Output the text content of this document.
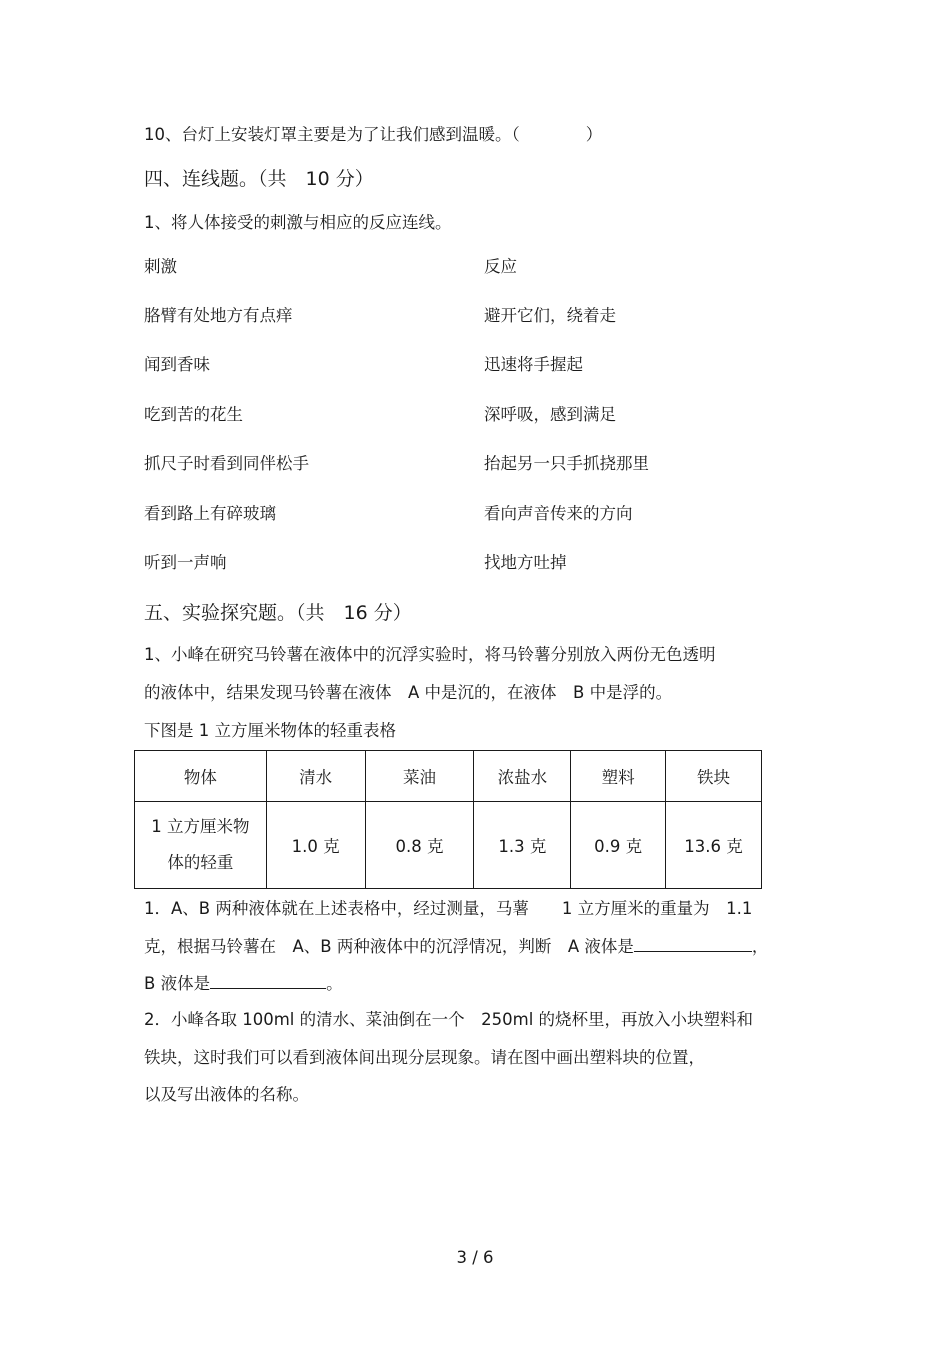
10、台灯上安装灯罩主要是为了让我们感到温暖。（　　　　）
四、连线题。（共　10 分）
1、将人体接受的刺激与相应的反应连线。
刺激	反应
胳臂有处地方有点痒	避开它们，绕着走
闻到香味	迅速将手握起
吃到苦的花生	深呼吸，感到满足
抓尺子时看到同伴松手	抬起另一只手抓挠那里
看到路上有碎玻璃	看向声音传来的方向
听到一声响	找地方吐掉
五、实验探究题。（共　16 分）
1、小峰在研究马铃薯在液体中的沉浮实验时，将马铃薯分别放入两份无色透明
的液体中，结果发现马铃薯在液体　A 中是沉的，在液体　B 中是浮的。
下图是 1 立方厘米物体的轻重表格
物体	清水	菜油	浓盐水	塑料	铁块

1 立方厘米物
体的轻重	1.0 克	0.8 克	1.3 克	0.9 克	13.6 克
1．A、B 两种液体就在上述表格中，经过测量，马薯　　1 立方厘米的重量为　1.1
克，根据马铃薯在　A、B 两种液体中的沉浮情况，判断　A 液体是	，
B 液体是	。
2．小峰各取 100ml 的清水、菜油倒在一个　250ml 的烧杯里，再放入小块塑料和
铁块，这时我们可以看到液体间出现分层现象。请在图中画出塑料块的位置，
以及写出液体的名称。
3 / 6
